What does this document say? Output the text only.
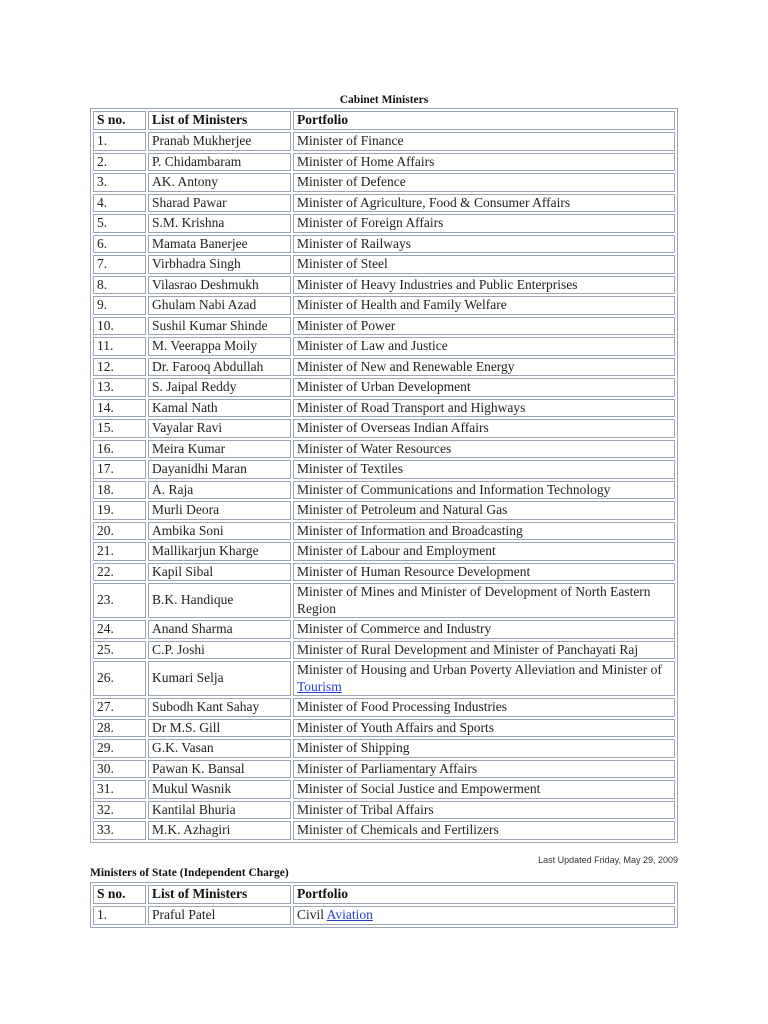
Cabinet Ministers
S no.	List of Ministers	Portfolio
1.	Pranab Mukherjee	Minister of Finance
2.	P. Chidambaram	Minister of Home Affairs
3.	AK. Antony	Minister of Defence
4.	Sharad Pawar	Minister of Agriculture, Food & Consumer Affairs
5.	S.M. Krishna	Minister of Foreign Affairs
6.	Mamata Banerjee	Minister of Railways
7.	Virbhadra Singh	Minister of Steel
8.	Vilasrao Deshmukh	Minister of Heavy Industries and Public Enterprises
9.	Ghulam Nabi Azad	Minister of Health and Family Welfare
10.	Sushil Kumar Shinde	Minister of Power
11.	M. Veerappa Moily	Minister of Law and Justice
12.	Dr. Farooq Abdullah	Minister of New and Renewable Energy
13.	S. Jaipal Reddy	Minister of Urban Development
14.	Kamal Nath	Minister of Road Transport and Highways
15.	Vayalar Ravi	Minister of Overseas Indian Affairs
16.	Meira Kumar	Minister of Water Resources
17.	Dayanidhi Maran	Minister of Textiles
18.	A. Raja	Minister of Communications and Information Technology
19.	Murli Deora	Minister of Petroleum and Natural Gas
20.	Ambika Soni	Minister of Information and Broadcasting
21.	Mallikarjun Kharge	Minister of Labour and Employment
22.	Kapil Sibal	Minister of Human Resource Development
23.	B.K. Handique	Minister of Mines and Minister of Development of North Eastern Region
24.	Anand Sharma	Minister of Commerce and Industry
25.	C.P. Joshi	Minister of Rural Development and Minister of Panchayati Raj
26.	Kumari Selja	Minister of Housing and Urban Poverty Alleviation and Minister of Tourism
27.	Subodh Kant Sahay	Minister of Food Processing Industries
28.	Dr M.S. Gill	Minister of Youth Affairs and Sports
29.	G.K. Vasan	Minister of Shipping
30.	Pawan K. Bansal	Minister of Parliamentary Affairs
31.	Mukul Wasnik	Minister of Social Justice and Empowerment
32.	Kantilal Bhuria	Minister of Tribal Affairs
33.	M.K. Azhagiri	Minister of Chemicals and Fertilizers
Last Updated Friday, May 29, 2009
Ministers of State (Independent Charge)
S no.	List of Ministers	Portfolio
1.	Praful Patel	Civil Aviation
